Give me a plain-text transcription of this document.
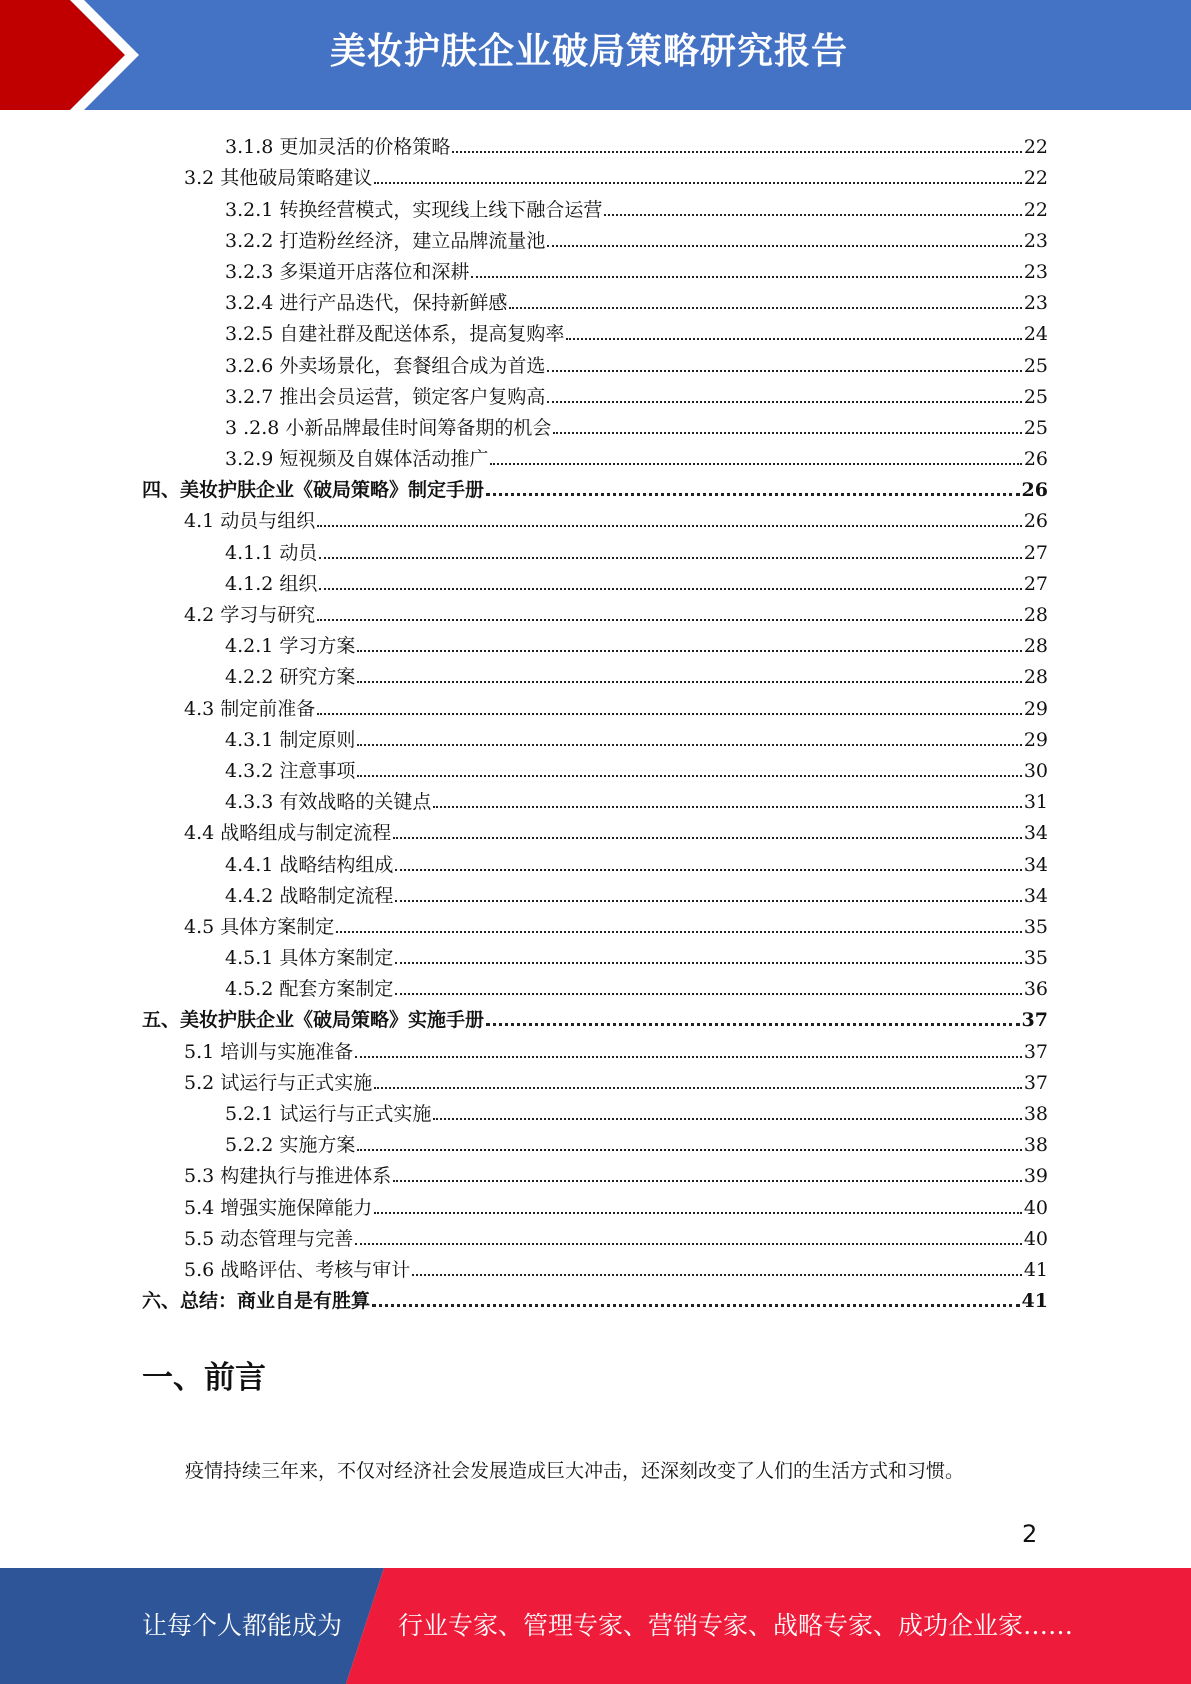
美妆护肤企业破局策略研究报告
3.1.8 更加灵活的价格策略	22
3.2 其他破局策略建议	22
3.2.1 转换经营模式，实现线上线下融合运营	22
3.2.2 打造粉丝经济，建立品牌流量池	23
3.2.3 多渠道开店落位和深耕	23
3.2.4 进行产品迭代，保持新鲜感	23
3.2.5 自建社群及配送体系，提高复购率	24
3.2.6 外卖场景化，套餐组合成为首选	25
3.2.7 推出会员运营，锁定客户复购高	25
3 .2.8 小新品牌最佳时间筹备期的机会	25
3.2.9 短视频及自媒体活动推广	26
四、美妆护肤企业《破局策略》制定手册	26
4.1 动员与组织	26
4.1.1 动员	27
4.1.2 组织	27
4.2 学习与研究	28
4.2.1 学习方案	28
4.2.2 研究方案	28
4.3 制定前准备	29
4.3.1 制定原则	29
4.3.2 注意事项	30
4.3.3 有效战略的关键点	31
4.4 战略组成与制定流程	34
4.4.1 战略结构组成	34
4.4.2 战略制定流程	34
4.5 具体方案制定	35
4.5.1 具体方案制定	35
4.5.2 配套方案制定	36
五、美妆护肤企业《破局策略》实施手册	37
5.1 培训与实施准备	37
5.2 试运行与正式实施	37
5.2.1 试运行与正式实施	38
5.2.2 实施方案	38
5.3 构建执行与推进体系	39
5.4 增强实施保障能力	40
5.5 动态管理与完善	40
5.6 战略评估、考核与审计	41
六、总结：商业自是有胜算	41
一、前言
疫情持续三年来，不仅对经济社会发展造成巨大冲击，还深刻改变了人们的生活方式和习惯。
2
让每个人都能成为 行业专家、管理专家、营销专家、战略专家、成功企业家……
